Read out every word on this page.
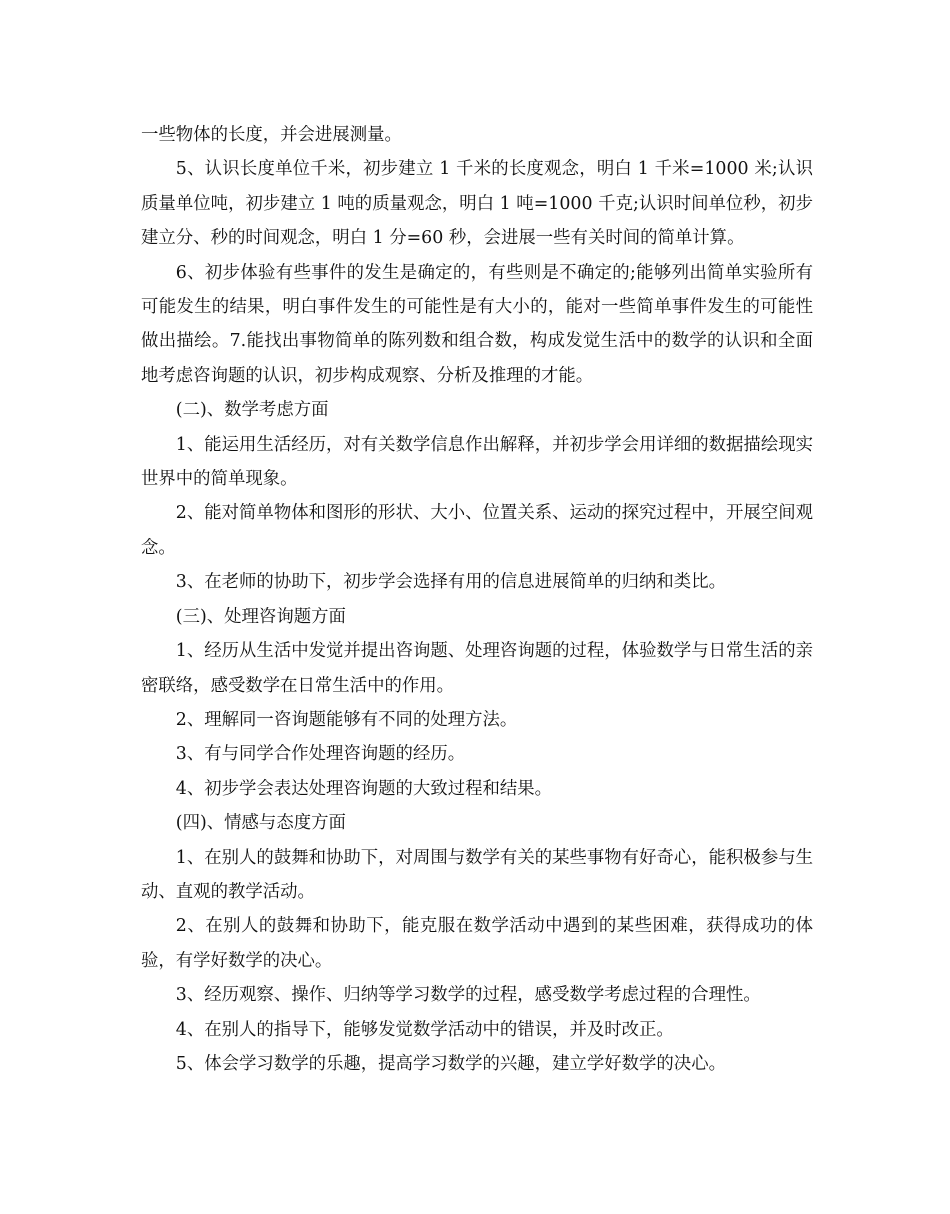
一些物体的长度，并会进展测量。

5、认识长度单位千米，初步建立 1 千米的长度观念，明白 1 千米=1000 米;认识质量单位吨，初步建立 1 吨的质量观念，明白 1 吨=1000 千克;认识时间单位秒，初步建立分、秒的时间观念，明白 1 分=60 秒，会进展一些有关时间的简单计算。

6、初步体验有些事件的发生是确定的，有些则是不确定的;能够列出简单实验所有可能发生的结果，明白事件发生的可能性是有大小的，能对一些简单事件发生的可能性做出描绘。7.能找出事物简单的陈列数和组合数，构成发觉生活中的数学的认识和全面地考虑咨询题的认识，初步构成观察、分析及推理的才能。

(二)、数学考虑方面

1、能运用生活经历，对有关数学信息作出解释，并初步学会用详细的数据描绘现实世界中的简单现象。

2、能对简单物体和图形的形状、大小、位置关系、运动的探究过程中，开展空间观念。

3、在老师的协助下，初步学会选择有用的信息进展简单的归纳和类比。

(三)、处理咨询题方面

1、经历从生活中发觉并提出咨询题、处理咨询题的过程，体验数学与日常生活的亲密联络，感受数学在日常生活中的作用。

2、理解同一咨询题能够有不同的处理方法。

3、有与同学合作处理咨询题的经历。

4、初步学会表达处理咨询题的大致过程和结果。

(四)、情感与态度方面

1、在别人的鼓舞和协助下，对周围与数学有关的某些事物有好奇心，能积极参与生动、直观的教学活动。

2、在别人的鼓舞和协助下，能克服在数学活动中遇到的某些困难，获得成功的体验，有学好数学的决心。

3、经历观察、操作、归纳等学习数学的过程，感受数学考虑过程的合理性。

4、在别人的指导下，能够发觉数学活动中的错误，并及时改正。

5、体会学习数学的乐趣，提高学习数学的兴趣，建立学好数学的决心。
